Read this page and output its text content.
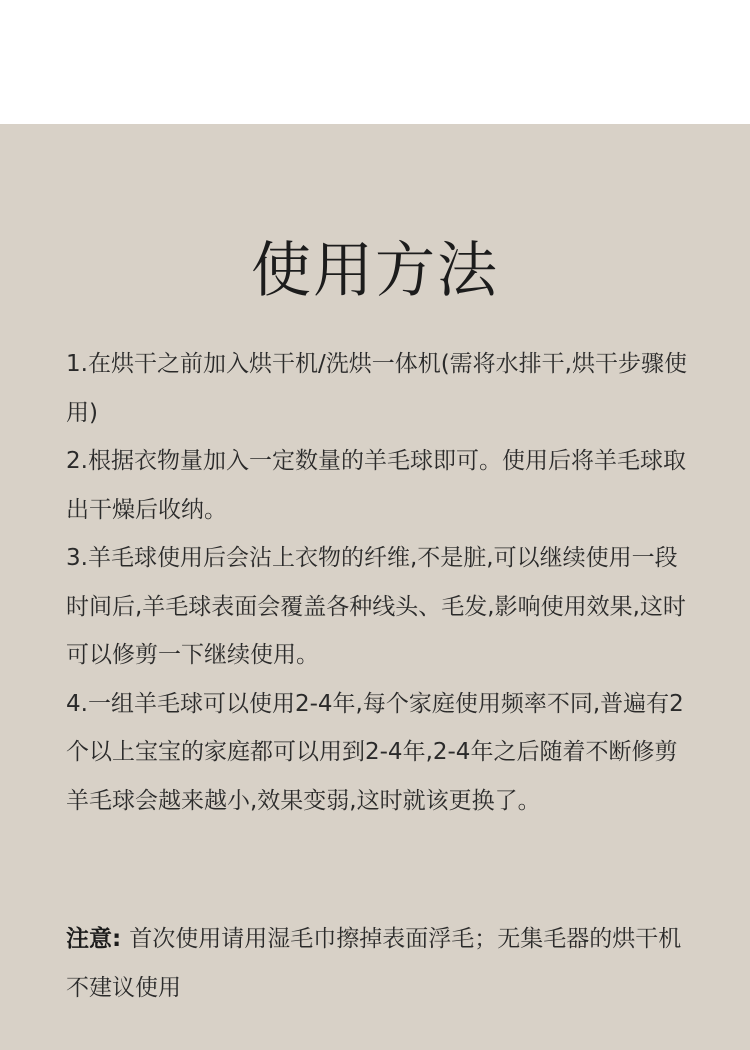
使用方法

1.在烘干之前加入烘干机/洗烘一体机(需将水排干,烘干步骤使用)

2.根据衣物量加入一定数量的羊毛球即可。使用后将羊毛球取出干燥后收纳。

3.羊毛球使用后会沾上衣物的纤维,不是脏,可以继续使用一段时间后,羊毛球表面会覆盖各种线头、毛发,影响使用效果,这时可以修剪一下继续使用。

4.一组羊毛球可以使用2-4年,每个家庭使用频率不同,普遍有2个以上宝宝的家庭都可以用到2-4年,2-4年之后随着不断修剪羊毛球会越来越小,效果变弱,这时就该更换了。

注意: 首次使用请用湿毛巾擦掉表面浮毛；无集毛器的烘干机不建议使用
